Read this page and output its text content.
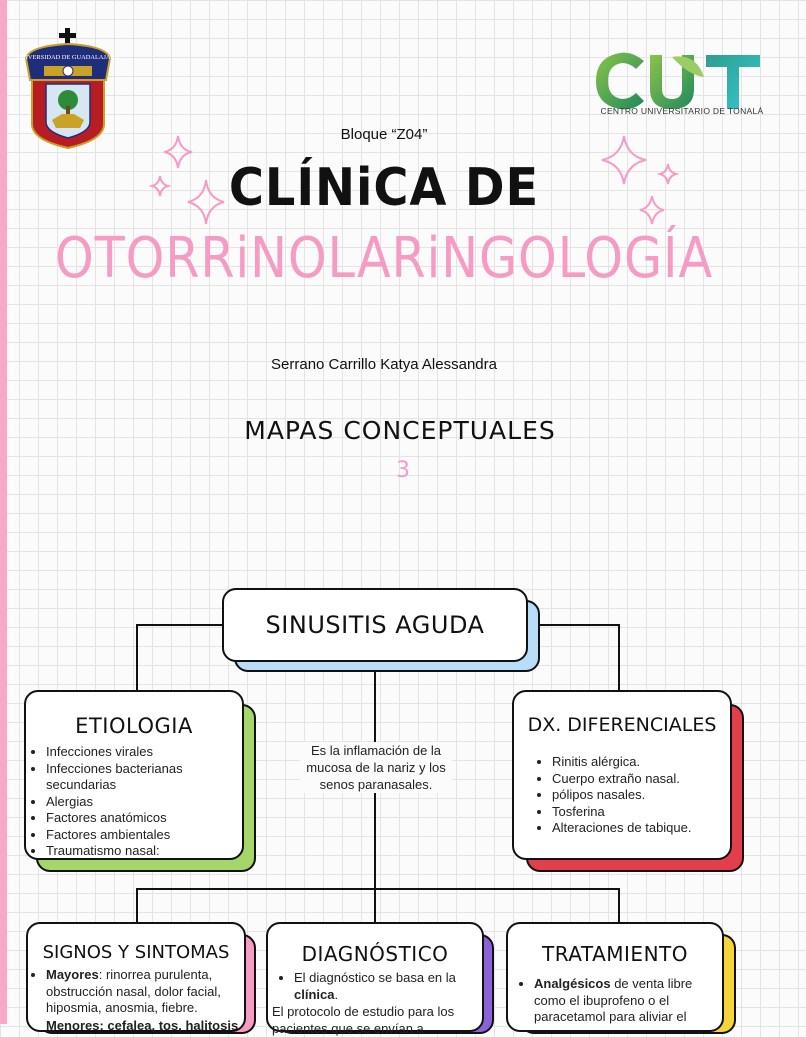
UNIVERSIDAD DE GUADALAJARA
CENTRO UNIVERSITARIO DE TONALÁ
Bloque “Z04”
CLÍNiCA DE
OTORRiNOLARiNGOLOGÍA
Serrano Carrillo Katya Alessandra
MAPAS CONCEPTUALES
3
SINUSITIS AGUDA
Es la inflamación de la mucosa de la nariz y los senos paranasales.
ETIOLOGIA
• Infecciones virales
• Infecciones bacterianas secundarias
• Alergias
• Factores anatómicos
• Factores ambientales
• Traumatismo nasal:
DX. DIFERENCIALES
• Rinitis alérgica.
• Cuerpo extraño nasal.
• pólipos nasales.
• Tosferina
• Alteraciones de tabique.
SIGNOS Y SINTOMAS
• Mayores: rinorrea purulenta, obstrucción nasal, dolor facial, hiposmia, anosmia, fiebre.

Menores: cefalea, tos, halitosis

DIAGNÓSTICO
• El diagnóstico se basa en la clínica.

El protocolo de estudio para los pacientes que se envían a

TRATAMIENTO
• Analgésicos de venta libre como el ibuprofeno o el paracetamol para aliviar el
